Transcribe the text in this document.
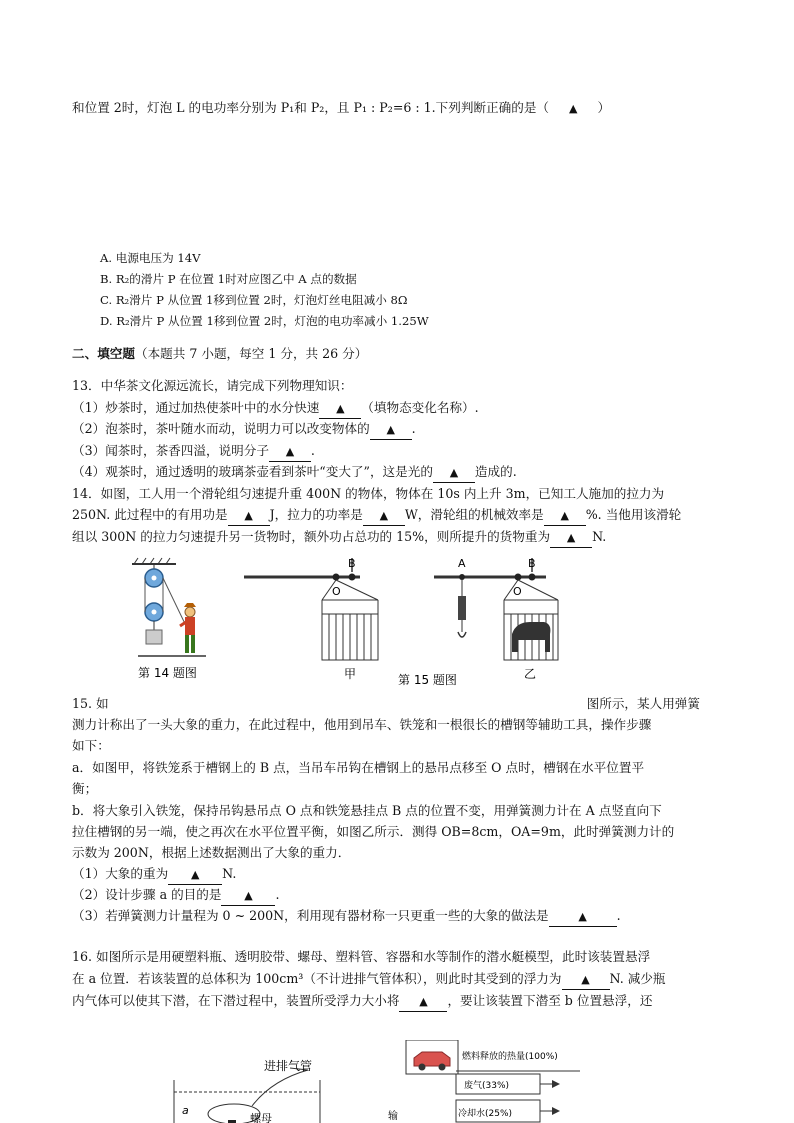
和位置 2时，灯泡 L 的电功率分别为 P₁和 P₂，且 P₁ : P₂=6 : 1.下列判断正确的是（ ▲ ）
A. 电源电压为 14V
B. R₂的滑片 P 在位置 1时对应图乙中 A 点的数据
C. R₂滑片 P 从位置 1移到位置 2时，灯泡灯丝电阻减小 8Ω
D. R₂滑片 P 从位置 1移到位置 2时，灯泡的电功率减小 1.25W
二、填空题（本题共 7 小题，每空 1 分，共 26 分）
13．中华茶文化源远流长，请完成下列物理知识：
（1）炒茶时，通过加热使茶叶中的水分快速 ▲ （填物态变化名称）.
（2）泡茶时，茶叶随水而动，说明力可以改变物体的 ▲ .
（3）闻茶时，茶香四溢，说明分子 ▲ .
（4）观茶时，通过透明的玻璃茶壶看到茶叶“变大了”，这是光的 ▲ 造成的.
14．如图，工人用一个滑轮组匀速提升重 400N 的物体，物体在 10s 内上升 3m，已知工人施加的拉力为
250N. 此过程中的有用功是 ▲ J，拉力的功率是 ▲ W，滑轮组的机械效率是 ▲ %. 当他用该滑轮
组以 300N 的拉力匀速提升另一货物时，额外功占总功的 15%，则所提升的货物重为 ▲ N.
第 14 题图
B
O
甲
A	B
O
乙
第 15 题图
15. 如	图所示，某人用弹簧
测力计称出了一头大象的重力，在此过程中，他用到吊车、铁笼和一根很长的槽钢等辅助工具，操作步骤
如下：
a．如图甲，将铁笼系于槽钢上的 B 点，当吊车吊钩在槽钢上的悬吊点移至 O 点时，槽钢在水平位置平
衡；
b．将大象引入铁笼，保持吊钩悬吊点 O 点和铁笼悬挂点 B 点的位置不变，用弹簧测力计在 A 点竖直向下
拉住槽钢的另一端，使之再次在水平位置平衡，如图乙所示．测得 OB=8cm，OA=9m，此时弹簧测力计的
示数为 200N，根据上述数据测出了大象的重力．
（1）大象的重为 ▲ N.
（2）设计步骤 a 的目的是 ▲ .
（3）若弹簧测力计量程为 0 ~ 200N，利用现有器材称一只更重一些的大象的做法是	▲ .
16. 如图所示是用硬塑料瓶、透明胶带、螺母、塑料管、容器和水等制作的潜水艇模型，此时该装置悬浮
在 a 位置．若该装置的总体积为 100cm³（不计进排气管体积），则此时其受到的浮力为 ▲ N. 减少瓶
内气体可以使其下潜，在下潜过程中，装置所受浮力大小将 ▲ ，要让该装置下潜至 b 位置悬浮，还
进排气管
螺母
a
燃料释放的热量(100%)
废气(33%)
冷却水(25%)
输
